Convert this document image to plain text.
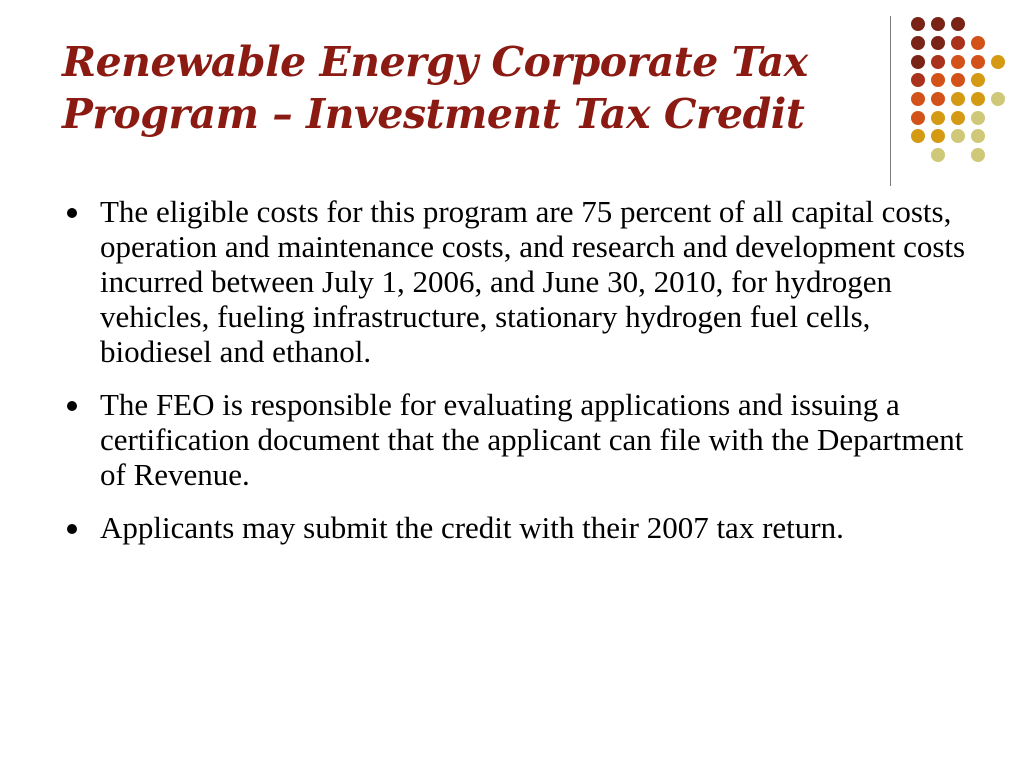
Renewable Energy Corporate Tax
Program – Investment Tax Credit
The eligible costs for this program are 75 percent of all capital costs, operation and maintenance costs, and research and development costs incurred between July 1, 2006, and June 30, 2010, for hydrogen vehicles, fueling infrastructure, stationary hydrogen fuel cells, biodiesel and ethanol.
The FEO is responsible for evaluating applications and issuing a certification document that the applicant can file with the Department of Revenue.
Applicants may submit the credit with their 2007 tax return.
